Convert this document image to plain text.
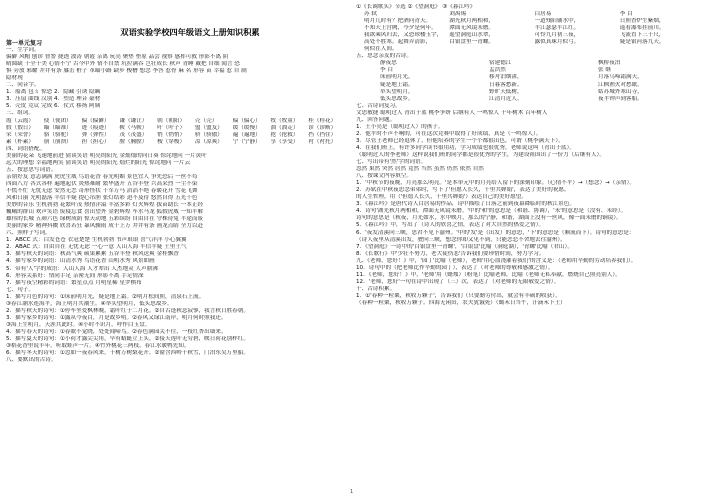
双语实验学校四年级语文上册知识积累
第一单元复习
一、生字词。
偏僻 风帽 刨诊 智警 捷透 波涛 朝霞 亲离 玩亮 聚垫 垫原 品尝 视察 感挥可救 形影不离 阴
晴圆缺 十全十美 心情不宁 古今中外 情不自禁 坑拉满吞 岂壮成长 秋声 青睡 戴把 自细 闻言 恐
惧 旁放 邪耀 井井有条 膝击 桩子 革瞄小路 缺步 梭槽 想念 李答 惹骨 麻 名 形容 苗 幸福 惹 自 制
隐材现
二、同音字。
1．船离 包ㄆ 惊恐 2．隐藏 引诱 隐瞒
3．压扇 曲线 汉别 4．塑造 理音 豪材
5．壳皮 竞议 完成 6．仗式 移扬 阿姨
三、组词。
霞（云霞）	使（使团）	偏（偏僻）	谦（谦让）	朝（朝阳）	壳（壳）	偏（偏心）	牧（牧童）	桂（桂花）
假（假日）	瞄（瞄准）	迹（痕迹）	鞍（马鞍）	叶（叶子）	盟（盟友）	缓（缓慢）	溜（溜走）	诊（诊断）
荣（荣誉）	骆（骆驼）	弹（弹性）	茂（茂盛）	悄（悄悄）	骄（骄傲）	遍（遍地）	抢（抢救）	挡（挡住）
素（朴素）	崩（崩溃）	担（担心）	膛（胸膛）	梭（穿梭）	凉（凉爽）	宁（宁静）	享（享受）	衬（衬托）
四、词语搭配。
美丽的花朵 飞速地前进 猜谈笑语 明亮的阳光 金灿灿的向日葵 惊诧地问 一片黄叶
远大的理想 幸福地两笑 猜谈笑语 明亮的阳光 灿烂的阳光 惊诧地问 一片云
五、按意思写词语。
亲朋好友 意志满满 虎虎生威 鸟语花香 春光明媚 景色宜人 争先恐后 一丝不苟
四面八方 各式各样 遍地起伏 炎热难耐 繁华盛开 五谷丰登 兴高采烈 一尘不染
不慌不忙 无忧无虑 安然无恙 奇形怪状 千军万马 滔滔不绝 春暖花开 雪花飞舞
风和日丽 光明磊落 半信半疑 提心吊胆 张灯结彩 迫不及待 悠然自得 五光十色
美妙的音乐 生机勃勃 花繁叶茂 热情洋溢 丰富多彩 灯火辉煌 拔苗助长 一本正经
巍峨的群山 欢声笑语 废寝忘食 喜出望外 金碧辉煌 车水马龙 狐假虎威 一知半解
雄伟的长城 五颜六色 绿树成荫 惊天动地 五彩缤纷 自由自在 守株待兔 半途而废
美丽的家乡 精神抖擞 欣喜若狂 暴风骤雨 成千上万 井井有条 画龙点睛 全力以赴
六、照样子写词。
1．ABCC 式：白发苍苍 衣冠楚楚 生机勃勃 书声琅琅 喜气洋洋 小心翼翼
2．ABAC 式：自由自在 无忧无虑 一心一意 人山人海 半信半疑 土里土气
3．描写秋天的词语：秋高气爽 硕果累累 五谷丰登 秋风送爽 金桂飘香
4．描写家乡的词语：山清水秀 鸟语花香 山明水秀 风景如画
5．带有'人'字的成语：人山人海 人才辈出 人杰地灵 人声鼎沸
6．形容关系好：情同手足 亲密无间 形影不离 手足情深
7．描写夜空精彩的词语：繁星点点 月明星稀 星罗棋布
七、句子。
1．描写月色的诗句：①床前明月光，疑是地上霜。②明月松间照，清泉石上流。
③春江潮水连海平，海上明月共潮生。④举头望明月，低头思故乡。
2．描写秋天的诗句：①停车坐爱枫林晚，霜叶红于二月花。②自古逢秋悲寂寥，我言秋日胜春朝。
3．描写家乡的诗句：①露从今夜白，月是故乡明。②春风又绿江南岸，明月何时照我还。
③海上生明月，天涯共此时。④小时不识月，呼作白玉盘。
4．描写春天的诗句：①春眠不觉晓，处处闻啼鸟。②春色满园关不住，一枝红杏出墙来。
5．描写夏天的诗句：①小荷才露尖尖角，早有蜻蜓立上头。②接天莲叶无穷碧，映日荷花别样红。
③稻花香里说丰年，听取蛙声一片。④竹外桃花三两枝，春江水暖鸭先知。
6．描写冬天的诗句：①忽如一夜春风来，千树万树梨花开。②窗含西岭千秋雪，门泊东吴万里船。
八、要默出的古诗。
①《长调歌头》节选 ②《望洞庭》 ③《暮江吟》
苏 轼
明月几时有？把酒问青天。
不知天上宫阙，今夕是何年。
我欲乘风归去，又恐琼楼玉宇，
高处不胜寒。起舞弄清影，
何似在人间。
刘禹锡
湖光秋月两相和，
潭面无风镜未磨。
遥望洞庭山水翠，
白银盘里一青螺。
白居易
一道残阳铺水中，
半江瑟瑟半江红。
可怜九月初三夜，
露似真珠月似弓。
李 白
日照香炉生紫烟，
遥看瀑布挂前川。
飞流直下三千尺，
疑是银河落九天。
五、思念亲友的古诗。
静夜思
李 白
床前明月光，
疑是地上霜。
举头望明月，
低头思故乡。
宿建德江
孟浩然
移舟泊烟渚，
日暮客愁新。
野旷天低树，
江清月近人。
枫桥夜泊
张 继
月落乌啼霜满天，
江枫渔火对愁眠。
姑苏城外寒山寺，
夜半钟声到客船。
七、古诗词复习。
文思敏捷 聪明过人 青出于蓝 桃李争妍 后继有人 一鸣惊人 十年树木 百年树人
九、回答问题。
1．王小亮是（聪明过人）的孩子。
2．他平时不声不响的，可在这次竞赛中取得了好成绩，真是（一鸣惊人）。
3．尽管王老师已经退休了，但他培养的学生一个个都很出色，可谓（桃李满天下）。
4．在我们班上，有许多同学读书很用功，学习成绩也很优秀，老师说这叫（青出于蓝）。
（聪明过人的李老师）这样说我们班的同学都是很优秀的学生，为建设祖国出了一份力（后继有人）。
七、写出带有'然'字的词语。
忽然 果然 突然 居然 竟然 当然 虽然 仍然 依然 自然
八、按课文内容填空。
1．'中秋节的夜晚，月亮那么明亮。'是本单元中的月亮给人留下的深刻印象。（心情不平）→（想念）→（亲情）。
2．苏轼在中秋夜思念弟弟时，写下了'但愿人长久，千里共婵娟'，表达了美好的祝愿。
的人生哲理，用（'但愿人长久，千里共婵娟'）表达自己的美好愿望。
3．《暮江吟》是唐代诗人白居易的作品，诗中描绘了日落之前到夜幕降临时的秋江景色。
4．诗句'湖光秋月两相和，潭面无风镜未磨。'中的'和'的意思是（和谐、协调），'未'的意思是（没有、未经）。
诗句的意思是（秋夜，月光如水，水中映月，那么的宁静，和谐，湖面上没有一丝风，像一面未磨的铜镜）。
5．《暮江吟》中，写出了（诗人的欣喜之情，表达了对大自然的热爱之情）。
6．'夜发清溪向三峡，思君不见下渝州。'中的'发'是（出发）的意思，'下'的意思是（顺流而下）。诗句的意思是：
（诗人夜里从清溪出发，驶向三峡，想念你却又见不到，只能恋恋不舍地去往渝州）。
7．《望洞庭》一诗中的'白银盘里一青螺'，'白银盘'比喻（洞庭湖），'青螺'比喻（君山）。
8．《长歌行》中'少壮不努力，老大徒伤悲'告诉我们要珍惜时间，努力学习。
九、《老师，您好！》中，'园丁'比喻（老师），老师'用心血浇灌着我们'的含义是：（老师用辛勤的劳动培养我们）。
10．诗句中的（把老师比作辛勤的园丁），表达了（对老师的尊敬和感激之情）。
11．《老师，您好！》中，'老师'用（蜡烛）（粉笔）比喻老师，比喻（老师无私奉献，燃烧自己照亮别人）。
12．'老师，您好'一句在诗中出现了（三）次，表达了（对老师的无限敬爱之情）。
十、古诗积累。
1．①'春种一粒粟，秋收万颗子'，告诉我们（只要勤劳付出，就会有丰硕的收获）。
（春种一粒粟，秋收万颗子。四海无闲田，农夫犹饿死）（锄禾日当午，汗滴禾下土）
1
